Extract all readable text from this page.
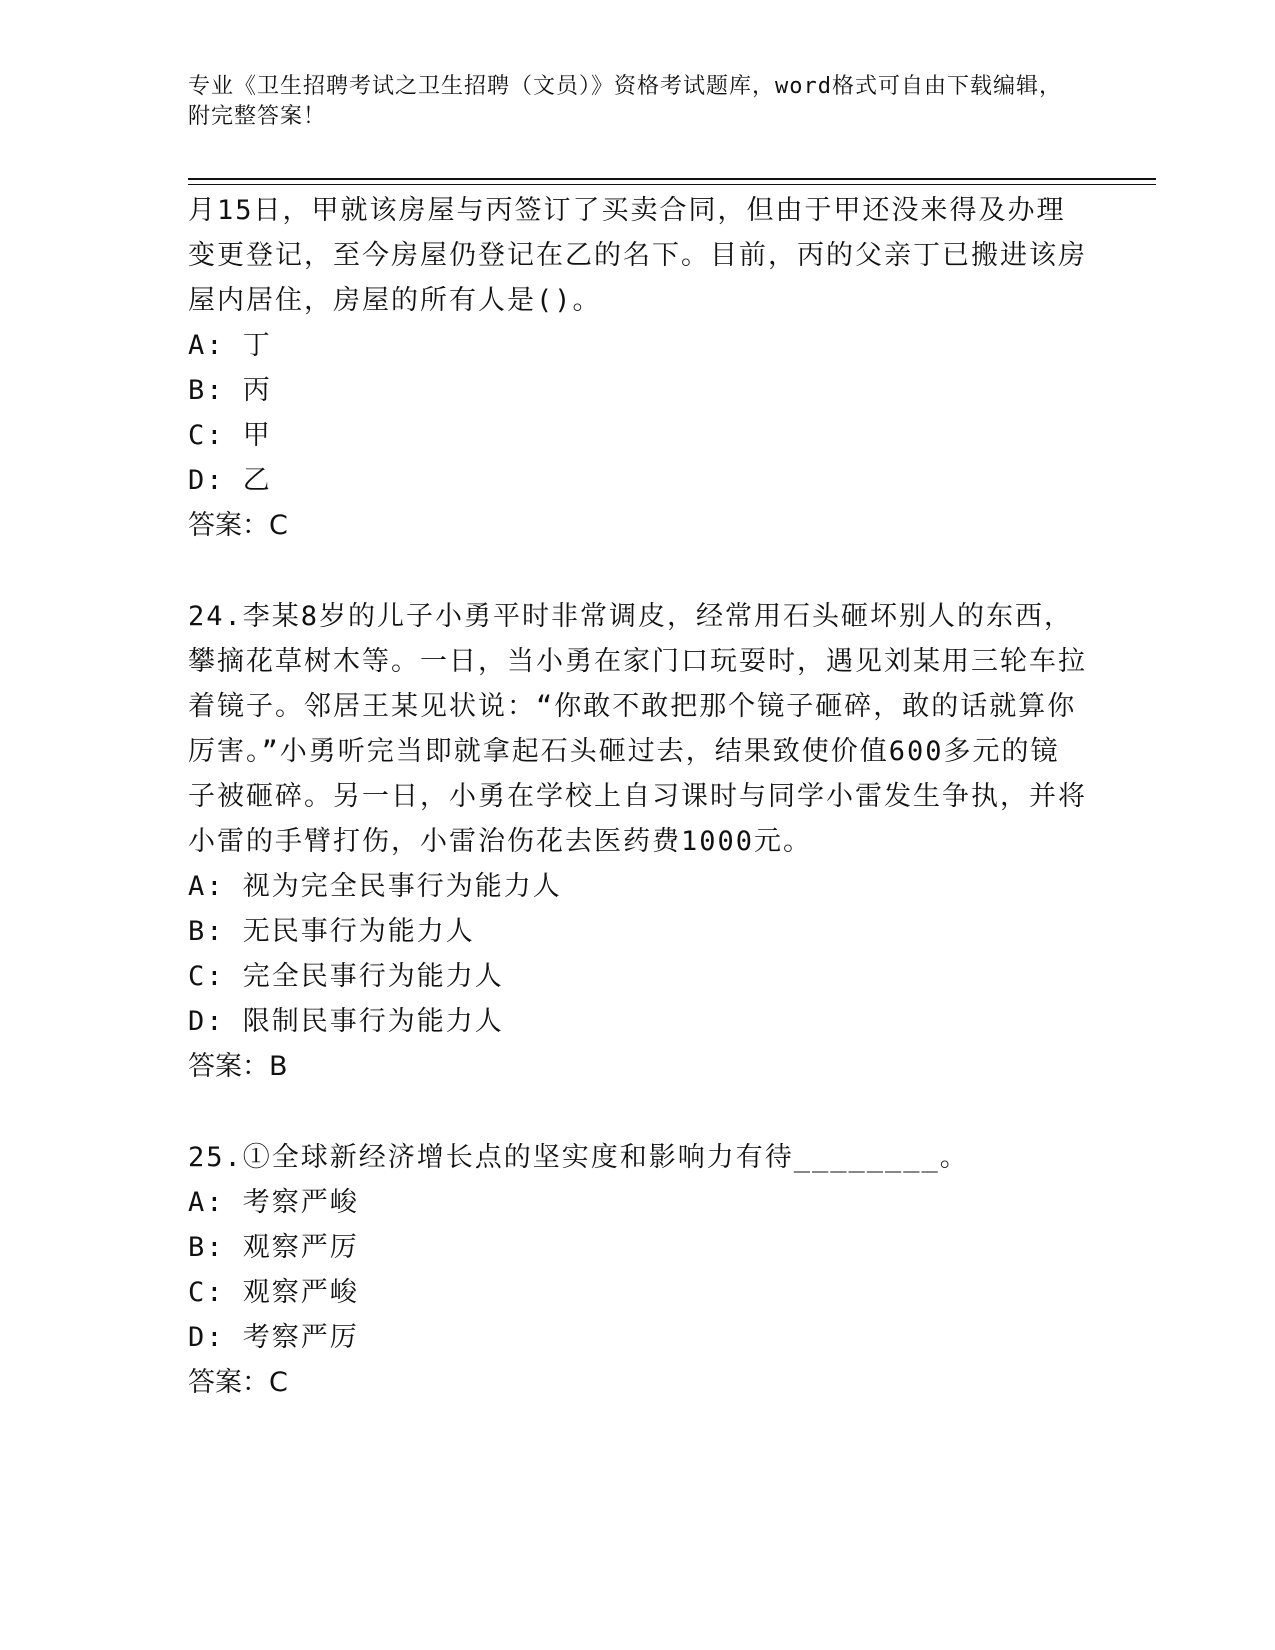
专业《卫生招聘考试之卫生招聘（文员）》资格考试题库，word格式可自由下载编辑，附完整答案！

月15日，甲就该房屋与丙签订了买卖合同，但由于甲还没来得及办理变更登记，至今房屋仍登记在乙的名下。目前，丙的父亲丁已搬进该房屋内居住，房屋的所有人是()。

A: 丁

B: 丙

C: 甲

D: 乙

答案：C

24.李某8岁的儿子小勇平时非常调皮，经常用石头砸坏别人的东西，攀摘花草树木等。一日，当小勇在家门口玩耍时，遇见刘某用三轮车拉着镜子。邻居王某见状说：“你敢不敢把那个镜子砸碎，敢的话就算你厉害。”小勇听完当即就拿起石头砸过去，结果致使价值600多元的镜子被砸碎。另一日，小勇在学校上自习课时与同学小雷发生争执，并将小雷的手臂打伤，小雷治伤花去医药费1000元。

A: 视为完全民事行为能力人

B: 无民事行为能力人

C: 完全民事行为能力人

D: 限制民事行为能力人

答案：B

25.①全球新经济增长点的坚实度和影响力有待________。

A: 考察严峻

B: 观察严厉

C: 观察严峻

D: 考察严厉

答案：C
